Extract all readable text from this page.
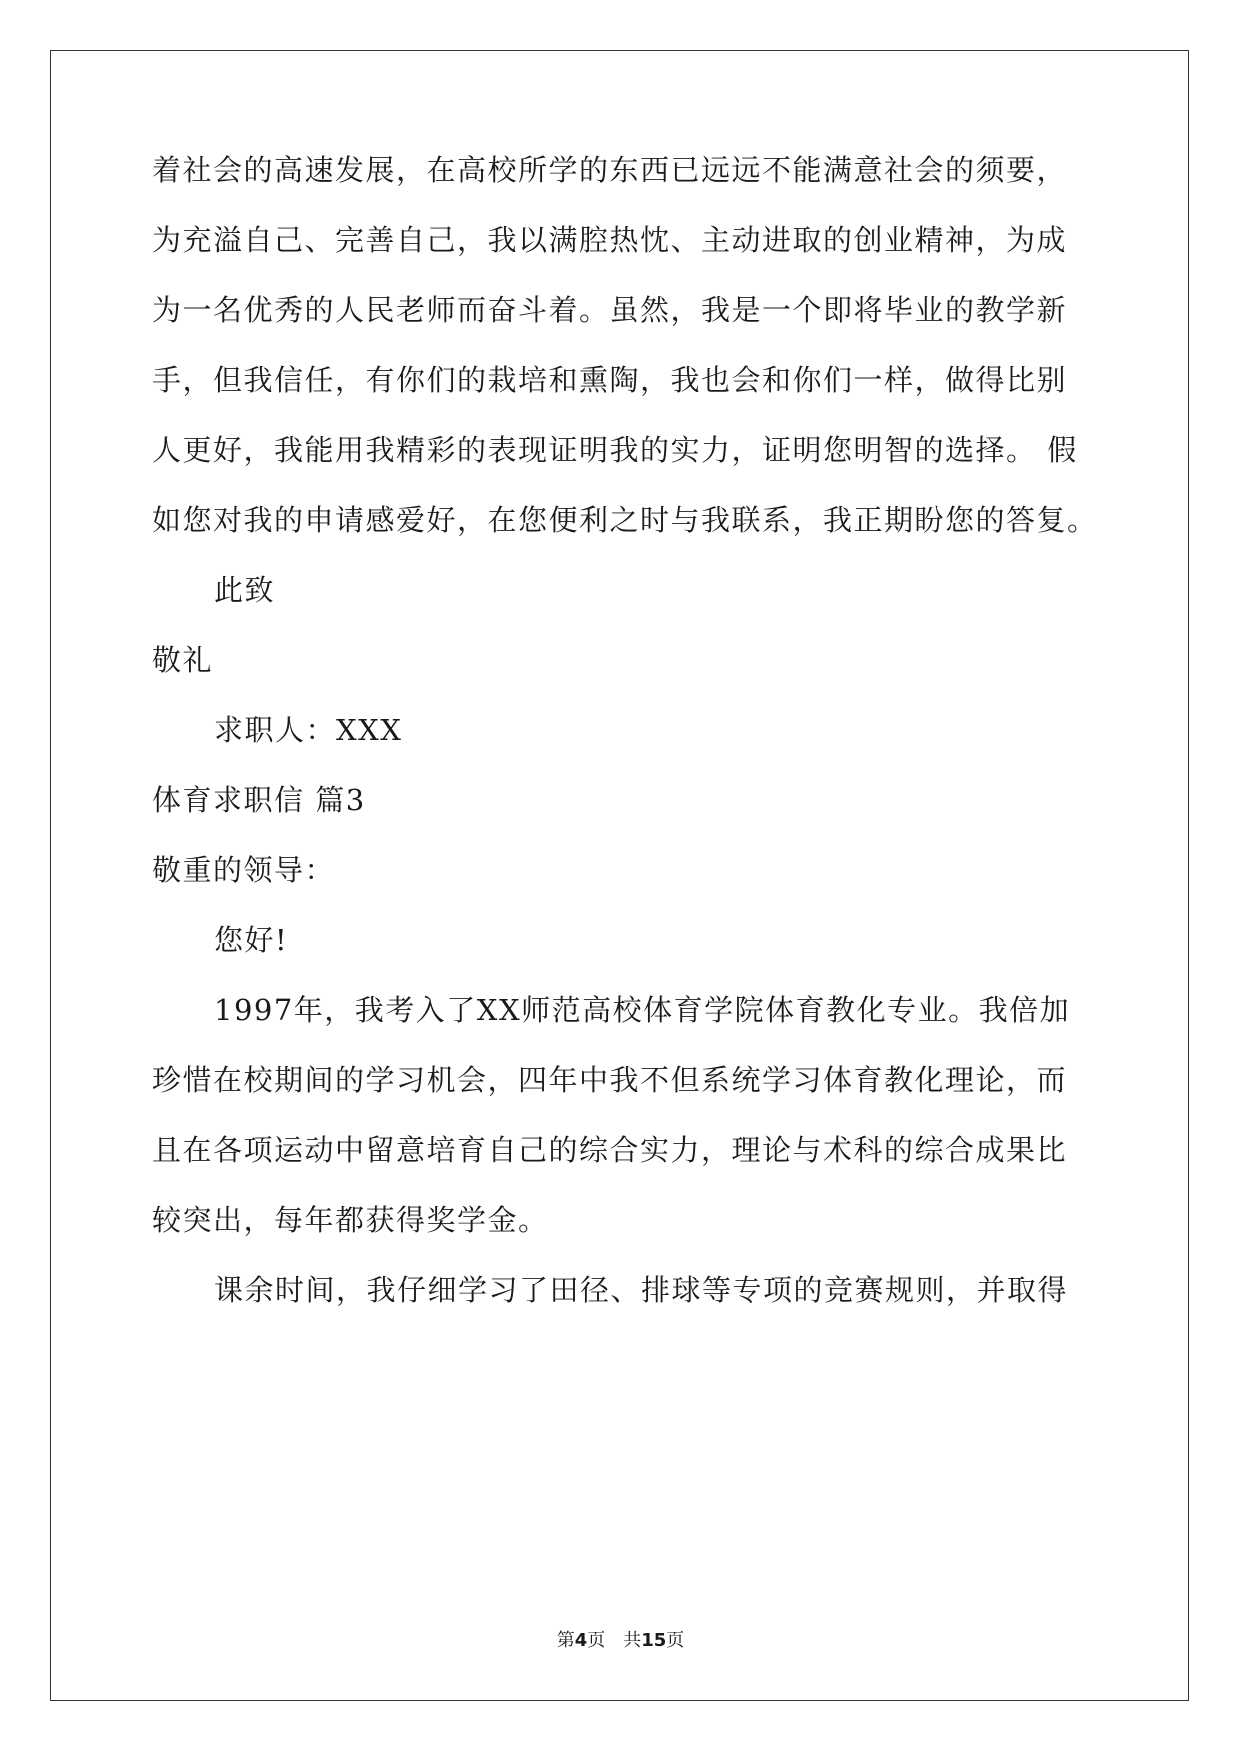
着社会的高速发展，在高校所学的东西已远远不能满意社会的须要，
为充溢自己、完善自己，我以满腔热忱、主动进取的创业精神，为成
为一名优秀的人民老师而奋斗着。虽然，我是一个即将毕业的教学新
手，但我信任，有你们的栽培和熏陶，我也会和你们一样，做得比别
人更好，我能用我精彩的表现证明我的实力，证明您明智的选择。 假
如您对我的申请感爱好，在您便利之时与我联系，我正期盼您的答复。
此致
敬礼
求职人：XXX
体育求职信 篇3
敬重的领导：
您好!
1997年，我考入了XX师范高校体育学院体育教化专业。我倍加
珍惜在校期间的学习机会，四年中我不但系统学习体育教化理论，而
且在各项运动中留意培育自己的综合实力，理论与术科的综合成果比
较突出，每年都获得奖学金。
课余时间，我仔细学习了田径、排球等专项的竞赛规则，并取得
第4页 共15页
